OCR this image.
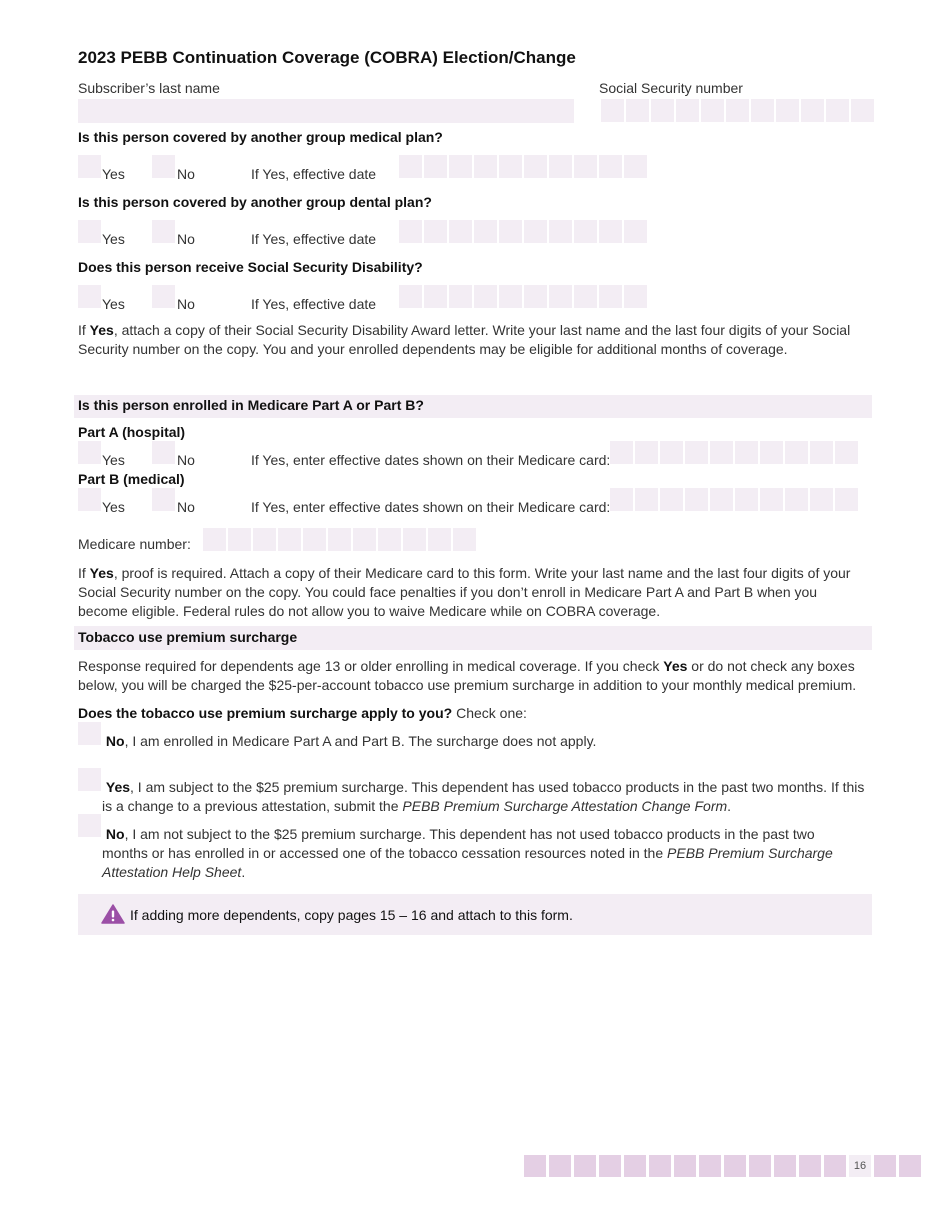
2023 PEBB Continuation Coverage (COBRA) Election/Change
Subscriber’s last name	Social Security number
Is this person covered by another group medical plan?
Yes	No	If Yes, effective date
Is this person covered by another group dental plan?
Yes	No	If Yes, effective date
Does this person receive Social Security Disability?
Yes	No	If Yes, effective date
If Yes, attach a copy of their Social Security Disability Award letter. Write your last name and the last four digits of your Social Security number on the copy. You and your enrolled dependents may be eligible for additional months of coverage.
Is this person enrolled in Medicare Part A or Part B?
Part A (hospital)
Yes	No	If Yes, enter effective dates shown on their Medicare card:
Part B (medical)
Yes	No	If Yes, enter effective dates shown on their Medicare card:
Medicare number:
If Yes, proof is required. Attach a copy of their Medicare card to this form. Write your last name and the last four digits of your Social Security number on the copy. You could face penalties if you don’t enroll in Medicare Part A and Part B when you become eligible. Federal rules do not allow you to waive Medicare while on COBRA coverage.
Tobacco use premium surcharge
Response required for dependents age 13 or older enrolling in medical coverage. If you check Yes or do not check any boxes below, you will be charged the $25-per-account tobacco use premium surcharge in addition to your monthly medical premium.
Does the tobacco use premium surcharge apply to you? Check one:
No, I am enrolled in Medicare Part A and Part B. The surcharge does not apply.
Yes, I am subject to the $25 premium surcharge. This dependent has used tobacco products in the past two months. If this is a change to a previous attestation, submit the PEBB Premium Surcharge Attestation Change Form.
No, I am not subject to the $25 premium surcharge. This dependent has not used tobacco products in the past two months or has enrolled in or accessed one of the tobacco cessation resources noted in the PEBB Premium Surcharge Attestation Help Sheet.
If adding more dependents, copy pages 15 – 16 and attach to this form.
16
